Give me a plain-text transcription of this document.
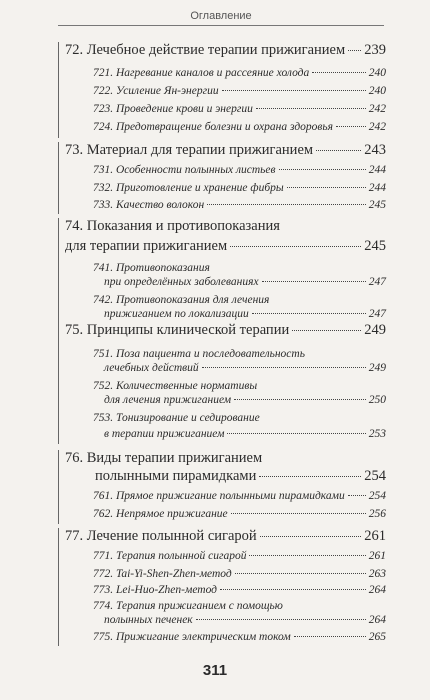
Оглавление
72. Лечебное действие терапии прижиганием 239
721. Нагревание каналов и рассеяние холода	240
722. Усиление Ян-энергии	240
723. Проведение крови и энергии	242
724. Предотвращение болезни и охрана здоровья	242
73. Материал для терапии прижиганием	243
731. Особенности полынных листьев	244
732. Приготовление и хранение фибры	244
733. Качество волокон	245
74. Показания и противопоказания
для терапии прижиганием	245
741. Противопоказания
при определённых заболеваниях	247
742. Противопоказания для лечения
прижиганием по локализации	247
75. Принципы клинической терапии	249
751. Поза пациента и последовательность
лечебных действий	249
752. Количественные нормативы
для лечения прижиганием	250
753. Тонизирование и седирование
в терапии прижиганием	253
76. Виды терапии прижиганием
полынными пирамидками	254
761. Прямое прижигание полынными пирамидками 254
762. Непрямое прижигание	256
77. Лечение полынной сигарой	261
771. Терапия полынной сигарой	261
772. Tai-Yi-Shen-Zhen-метод	263
773. Lei-Huo-Zhen-метод	264
774. Терапия прижиганием с помощью
полынных печенек	264
775. Прижигание электрическим током	265
311
